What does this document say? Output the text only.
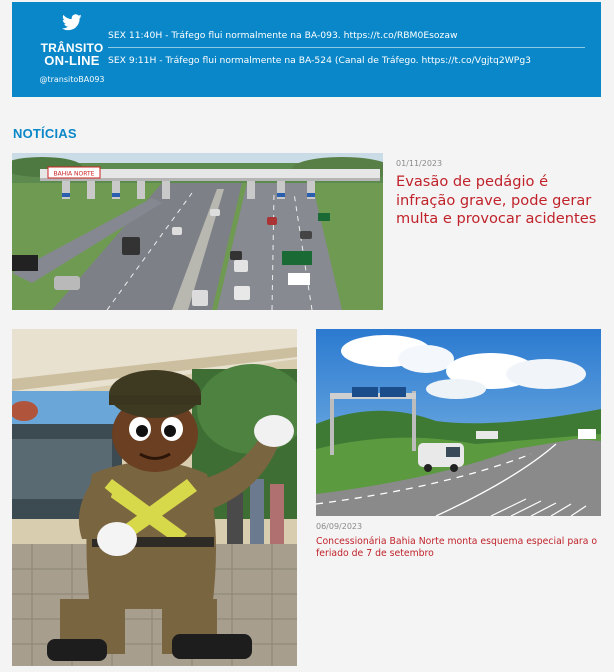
TRÂNSITO
ON-LINE
@transitoBA093
SEX 11:40H - Tráfego flui normalmente na BA-093. https://t.co/RBM0Esozaw
SEX 9:11H - Tráfego flui normalmente na BA-524 (Canal de Tráfego. https://t.co/Vgjtq2WPg3
NOTÍCIAS
BAHIA NORTE
01/11/2023
Evasão de pedágio é infração grave, pode gerar multa e provocar acidentes
06/09/2023
Concessionária Bahia Norte monta esquema especial para o feriado de 7 de setembro
